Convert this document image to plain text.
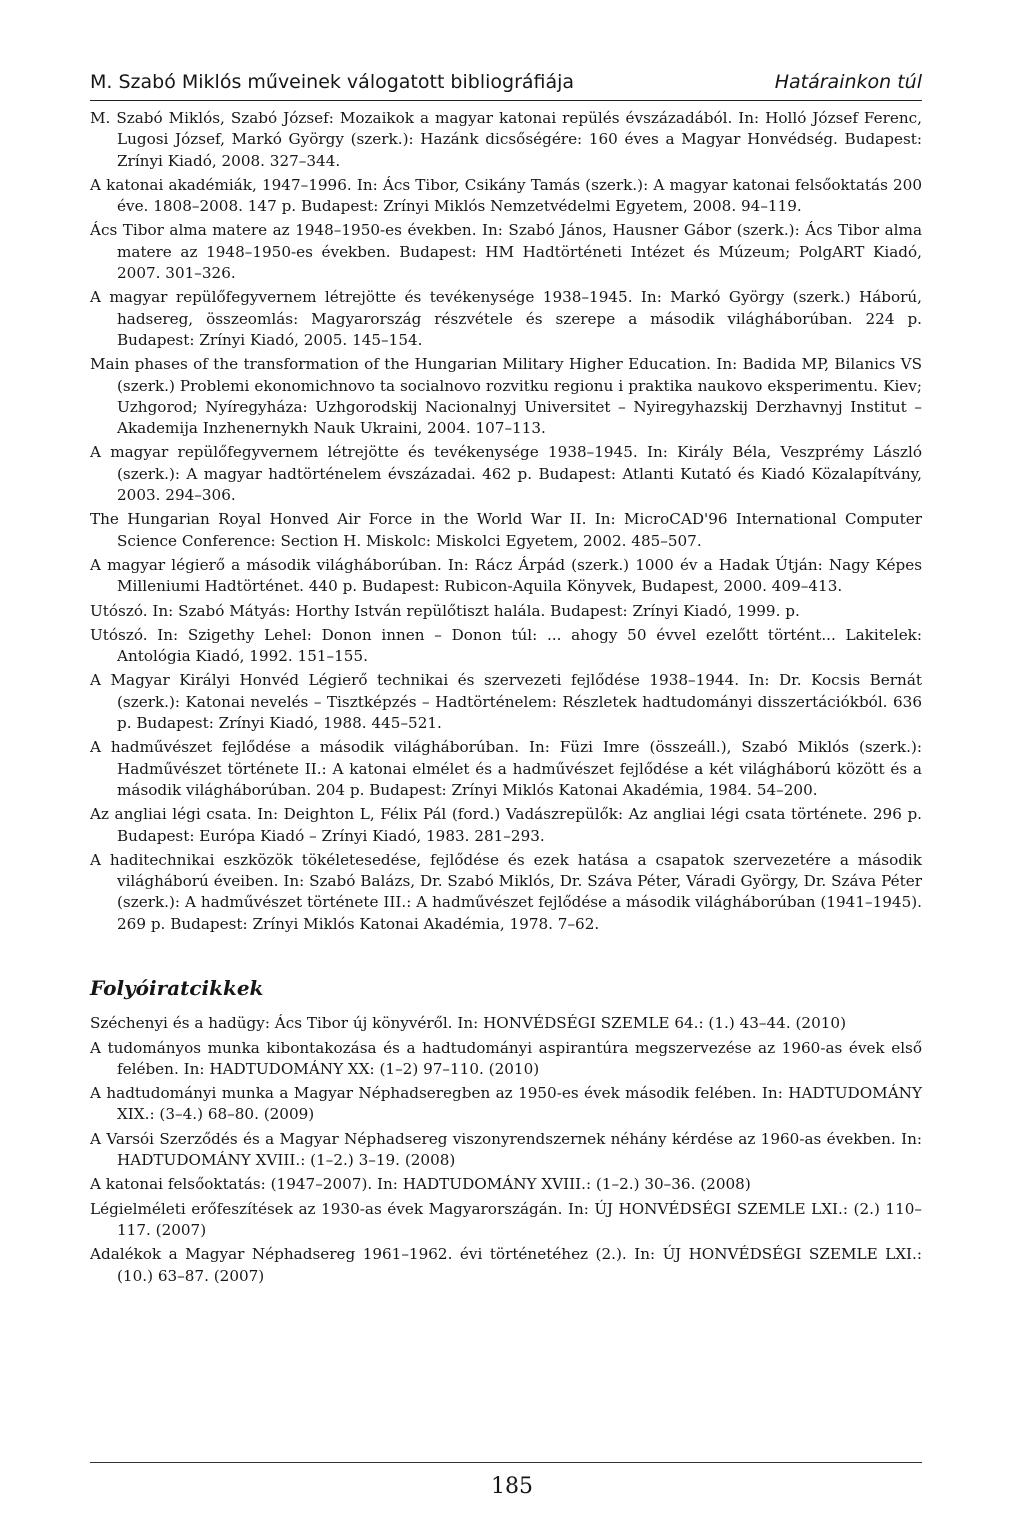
M. Szabó Miklós műveinek válogatott bibliográfiája	Határainkon túl

M. Szabó Miklós, Szabó József: Mozaikok a magyar katonai repülés évszázadából. In: Holló József Ferenc, Lugosi József, Markó György (szerk.): Hazánk dicsőségére: 160 éves a Magyar Honvédség. Budapest: Zrínyi Kiadó, 2008. 327–344.

A katonai akadémiák, 1947–1996. In: Ács Tibor, Csikány Tamás (szerk.): A magyar katonai felsőoktatás 200 éve. 1808–2008. 147 p. Budapest: Zrínyi Miklós Nemzetvédelmi Egyetem, 2008. 94–119.

Ács Tibor alma matere az 1948–1950-es években. In: Szabó János, Hausner Gábor (szerk.): Ács Tibor alma matere az 1948–1950-es években. Budapest: HM Hadtörténeti Intézet és Múzeum; PolgART Kiadó, 2007. 301–326.

A magyar repülőfegyvernem létrejötte és tevékenysége 1938–1945. In: Markó György (szerk.) Háború, hadsereg, összeomlás: Magyarország részvétele és szerepe a második világháborúban. 224 p. Budapest: Zrínyi Kiadó, 2005. 145–154.

Main phases of the transformation of the Hungarian Military Higher Education. In: Badida MP, Bilanics VS (szerk.) Problemi ekonomichnovo ta socialnovo rozvitku regionu i praktika naukovo eksperimentu. Kiev; Uzhgorod; Nyíregyháza: Uzhgorodskij Nacionalnyj Universitet – Nyiregyhazskij Derzhavnyj Institut – Akademija Inzhenernykh Nauk Ukraini, 2004. 107–113.

A magyar repülőfegyvernem létrejötte és tevékenysége 1938–1945. In: Király Béla, Veszprémy László (szerk.): A magyar hadtörténelem évszázadai. 462 p. Budapest: Atlanti Kutató és Kiadó Közalapítvány, 2003. 294–306.

The Hungarian Royal Honved Air Force in the World War II. In: MicroCAD'96 International Computer Science Conference: Section H. Miskolc: Miskolci Egyetem, 2002. 485–507.

A magyar légierő a második világháborúban. In: Rácz Árpád (szerk.) 1000 év a Hadak Útján: Nagy Képes Milleniumi Hadtörténet. 440 p. Budapest: Rubicon-Aquila Könyvek, Budapest, 2000. 409–413.

Utószó. In: Szabó Mátyás: Horthy István repülőtiszt halála. Budapest: Zrínyi Kiadó, 1999. p.

Utószó. In: Szigethy Lehel: Donon innen – Donon túl: ... ahogy 50 évvel ezelőtt történt... Lakitelek: Antológia Kiadó, 1992. 151–155.

A Magyar Királyi Honvéd Légierő technikai és szervezeti fejlődése 1938–1944. In: Dr. Kocsis Bernát (szerk.): Katonai nevelés – Tisztképzés – Hadtörténelem: Részletek hadtudományi disszertációkból. 636 p. Budapest: Zrínyi Kiadó, 1988. 445–521.

A hadművészet fejlődése a második világháborúban. In: Füzi Imre (összeáll.), Szabó Miklós (szerk.): Hadművészet története II.: A katonai elmélet és a hadművészet fejlődése a két világháború között és a második világháborúban. 204 p. Budapest: Zrínyi Miklós Katonai Akadémia, 1984. 54–200.

Az angliai légi csata. In: Deighton L, Félix Pál (ford.) Vadászrepülők: Az angliai légi csata története. 296 p. Budapest: Európa Kiadó – Zrínyi Kiadó, 1983. 281–293.

A haditechnikai eszközök tökéletesedése, fejlődése és ezek hatása a csapatok szervezetére a második világháború éveiben. In: Szabó Balázs, Dr. Szabó Miklós, Dr. Száva Péter, Váradi György, Dr. Száva Péter (szerk.): A hadművészet története III.: A hadművészet fejlődése a második világháborúban (1941–1945). 269 p. Budapest: Zrínyi Miklós Katonai Akadémia, 1978. 7–62.

Folyóiratcikkek

Széchenyi és a hadügy: Ács Tibor új könyvéről. In: HONVÉDSÉGI SZEMLE 64.: (1.) 43–44. (2010)

A tudományos munka kibontakozása és a hadtudományi aspirantúra megszervezése az 1960-as évek első felében. In: HADTUDOMÁNY XX: (1–2) 97–110. (2010)

A hadtudományi munka a Magyar Néphadseregben az 1950-es évek második felében. In: HADTUDOMÁNY XIX.: (3–4.) 68–80. (2009)

A Varsói Szerződés és a Magyar Néphadsereg viszonyrendszernek néhány kérdése az 1960-as években. In: HADTUDOMÁNY XVIII.: (1–2.) 3–19. (2008)

A katonai felsőoktatás: (1947–2007). In: HADTUDOMÁNY XVIII.: (1–2.) 30–36. (2008)

Légielméleti erőfeszítések az 1930-as évek Magyarországán. In: ÚJ HONVÉDSÉGI SZEMLE LXI.: (2.) 110–117. (2007)

Adalékok a Magyar Néphadsereg 1961–1962. évi történetéhez (2.). In: ÚJ HONVÉDSÉGI SZEMLE LXI.: (10.) 63–87. (2007)

185
